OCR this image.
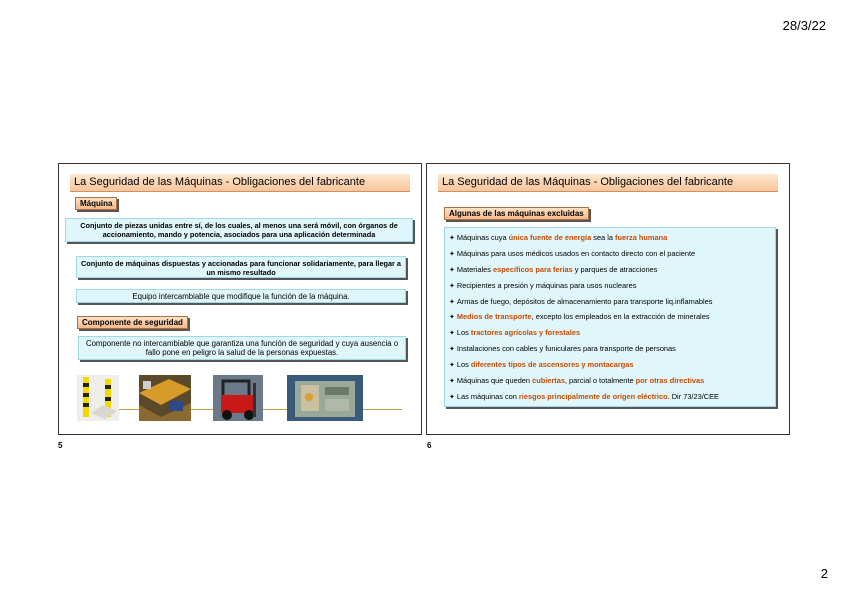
28/3/22
La Seguridad de las Máquinas - Obligaciones del fabricante
Máquina
Conjunto de piezas unidas entre sí, de los cuales, al menos una será móvil, con órganos de accionamiento, mando y potencia, asociados para una aplicación determinada
Conjunto de máquinas dispuestas y accionadas para funcionar solidariamente, para llegar a un mismo resultado
Equipo intercambiable que modifique la función de la máquina.
Componente de seguridad
Componente no intercambiable que garantiza una función de seguridad y cuya ausencia o fallo pone en peligro la salud de la personas expuestas.
5
La Seguridad de las Máquinas - Obligaciones del fabricante
Algunas de las máquinas excluidas
✦ Máquinas cuya única fuente de energía sea la fuerza humana
✦ Máquinas para usos médicos usados en contacto directo con el paciente
✦ Materiales específicos para ferias y parques de atracciones
✦ Recipientes a presión y máquinas para usos nucleares
✦ Armas de fuego, depósitos de almacenamiento para transporte liq.inflamables
✦ Medios de transporte, excepto los empleados en la extracción de minerales
✦ Los tractores agrícolas y forestales
✦ Instalaciones con cables y funiculares para transporte de personas
✦ Los diferentes tipos de ascensores y montacargas
✦ Máquinas que queden cubiertas, parcial o totalmente por otras directivas
✦ Las máquinas con riesgos principalmente de origen eléctrico. Dir 73/23/CEE
6
2
